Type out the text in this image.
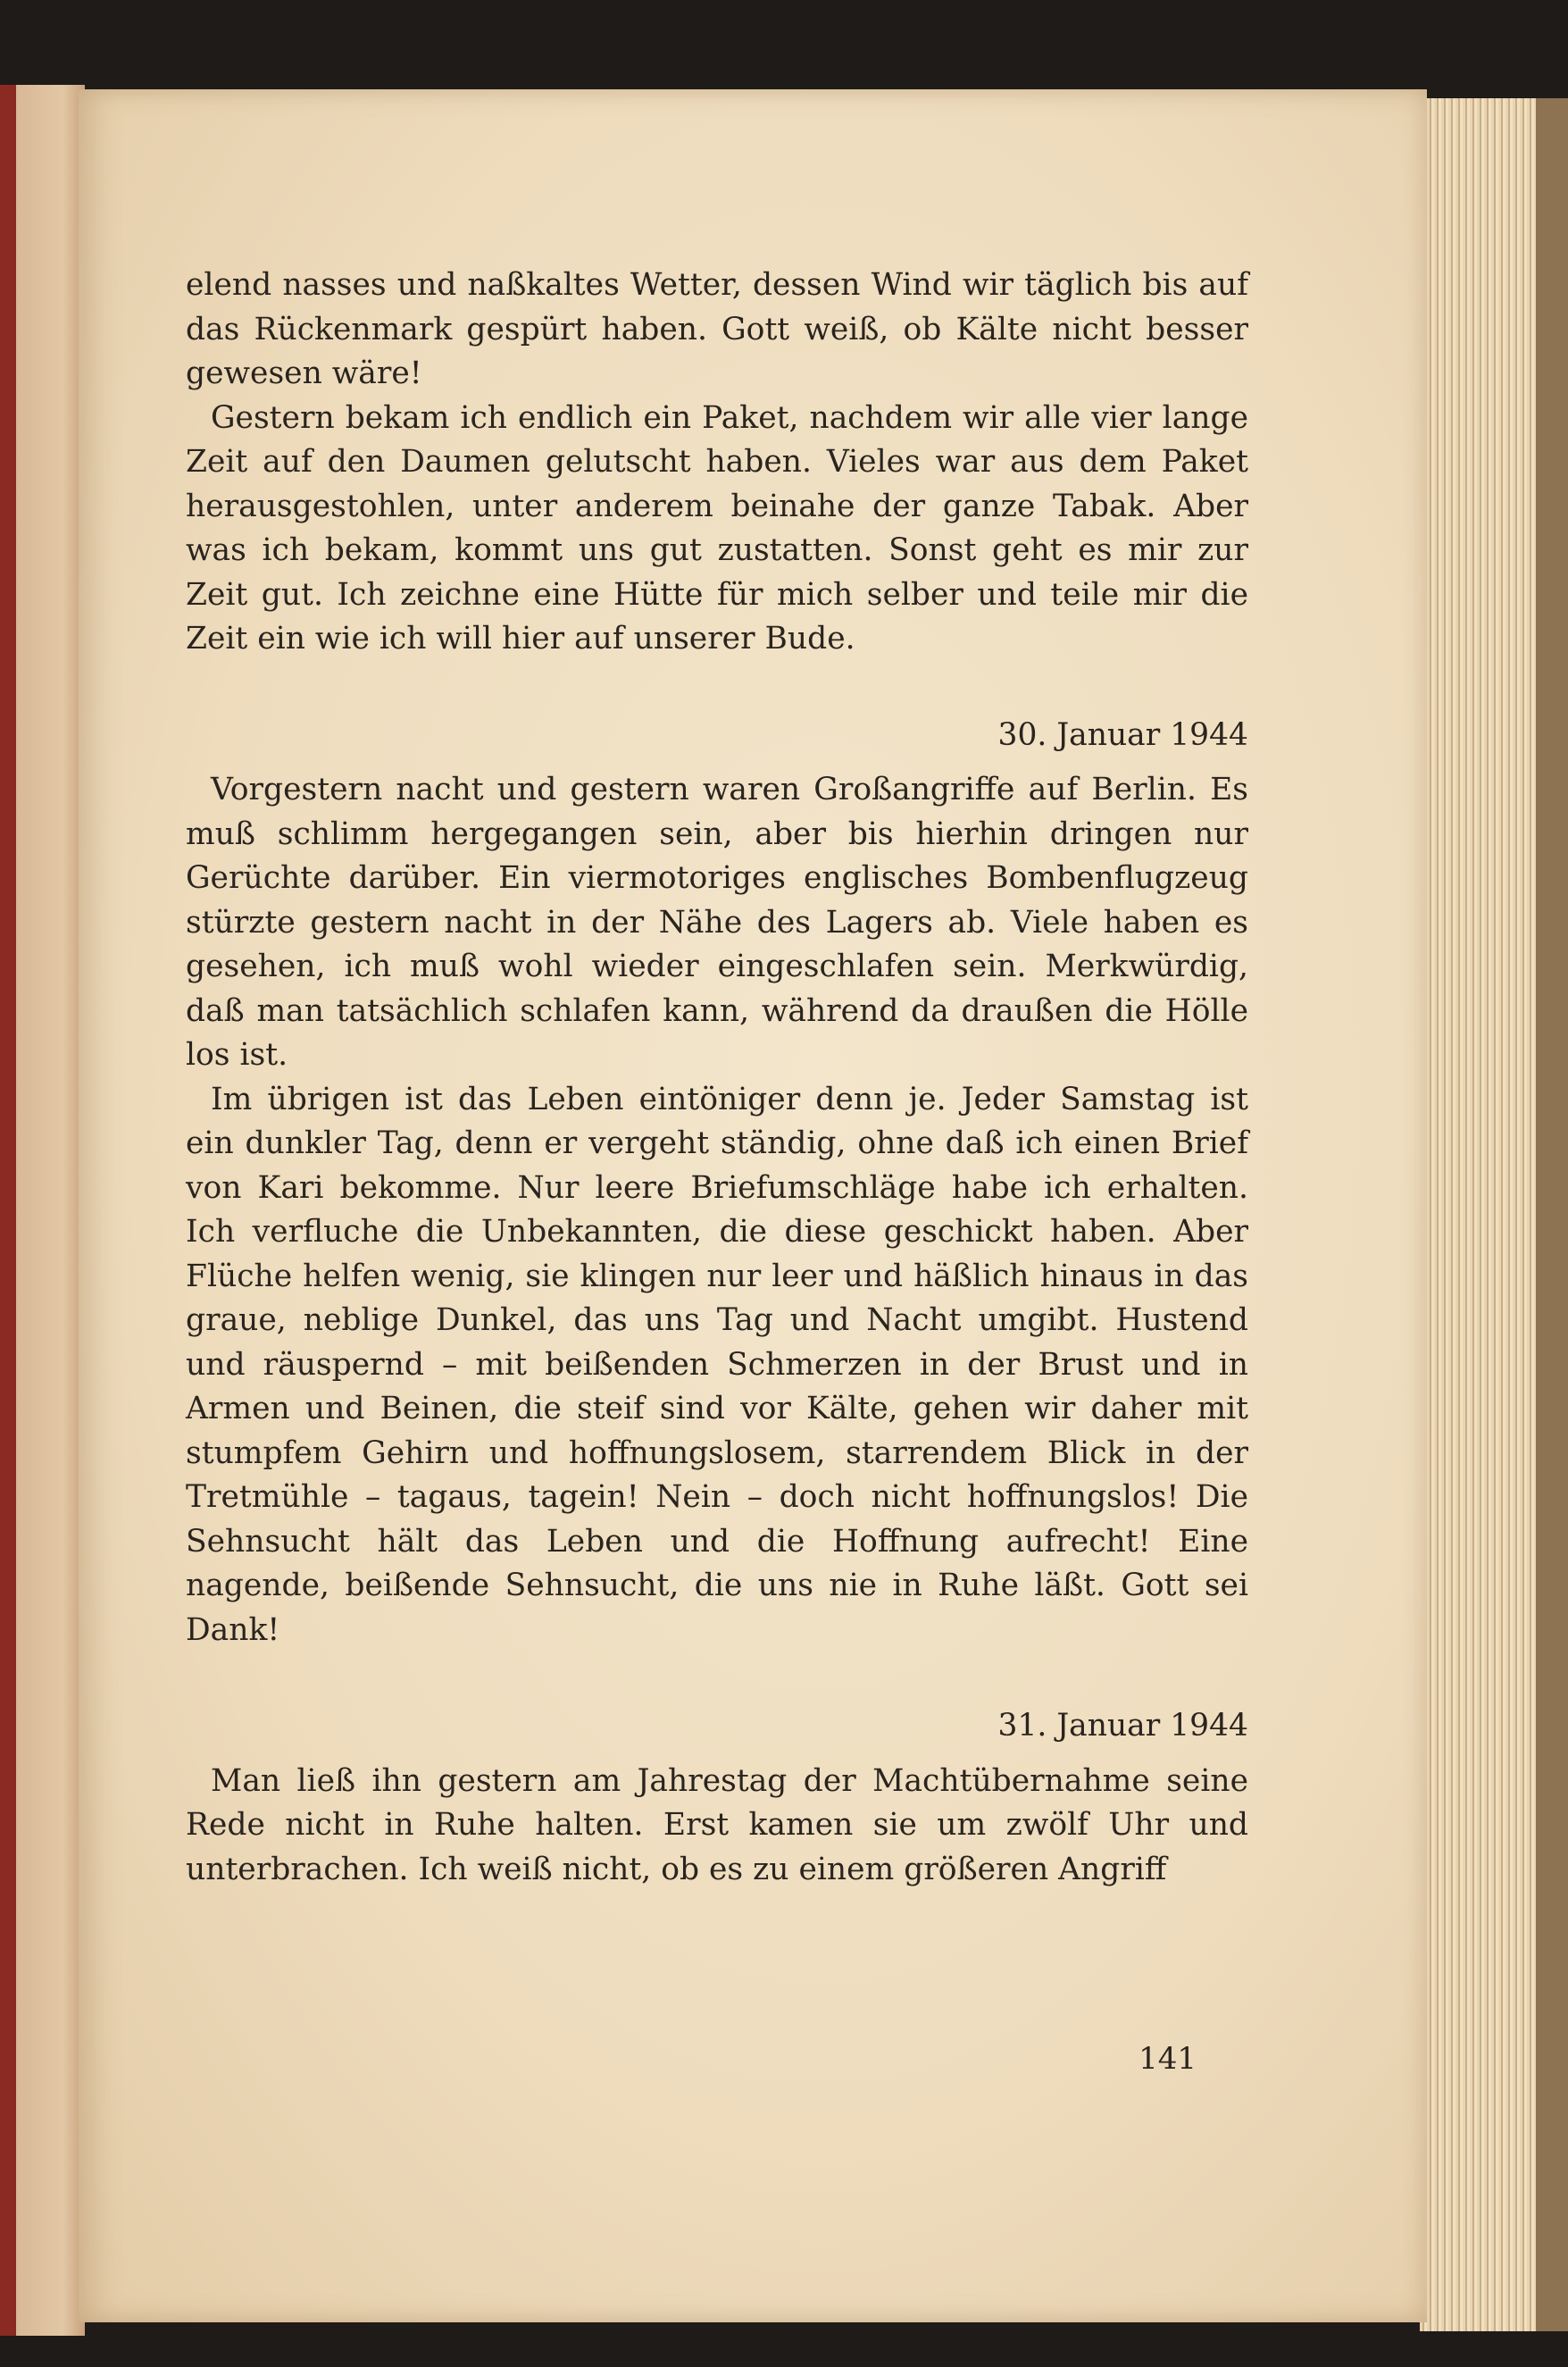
elend nasses und naßkaltes Wetter, dessen Wind wir täglich bis auf das Rückenmark gespürt haben. Gott weiß, ob Kälte nicht besser gewesen wäre!

Gestern bekam ich endlich ein Paket, nachdem wir alle vier lange Zeit auf den Daumen gelutscht haben. Vieles war aus dem Paket herausgestohlen, unter anderem beinahe der ganze Tabak. Aber was ich bekam, kommt uns gut zustatten. Sonst geht es mir zur Zeit gut. Ich zeichne eine Hütte für mich selber und teile mir die Zeit ein wie ich will hier auf unserer Bude.

30. Januar 1944

Vorgestern nacht und gestern waren Großangriffe auf Berlin. Es muß schlimm hergegangen sein, aber bis hierhin dringen nur Gerüchte darüber. Ein viermotoriges englisches Bombenflugzeug stürzte gestern nacht in der Nähe des Lagers ab. Viele haben es gesehen, ich muß wohl wieder eingeschlafen sein. Merkwürdig, daß man tatsächlich schlafen kann, während da draußen die Hölle los ist.

Im übrigen ist das Leben eintöniger denn je. Jeder Samstag ist ein dunkler Tag, denn er vergeht ständig, ohne daß ich einen Brief von Kari bekomme. Nur leere Briefumschläge habe ich erhalten. Ich verfluche die Unbekannten, die diese geschickt haben. Aber Flüche helfen wenig, sie klingen nur leer und häßlich hinaus in das graue, neblige Dunkel, das uns Tag und Nacht umgibt. Hustend und räuspernd – mit beißenden Schmerzen in der Brust und in Armen und Beinen, die steif sind vor Kälte, gehen wir daher mit stumpfem Gehirn und hoffnungslosem, starrendem Blick in der Tretmühle – tagaus, tagein! Nein – doch nicht hoffnungslos! Die Sehnsucht hält das Leben und die Hoffnung aufrecht! Eine nagende, beißende Sehnsucht, die uns nie in Ruhe läßt. Gott sei Dank!

31. Januar 1944

Man ließ ihn gestern am Jahrestag der Machtübernahme seine Rede nicht in Ruhe halten. Erst kamen sie um zwölf Uhr und unterbrachen. Ich weiß nicht, ob es zu einem größeren Angriff

141
